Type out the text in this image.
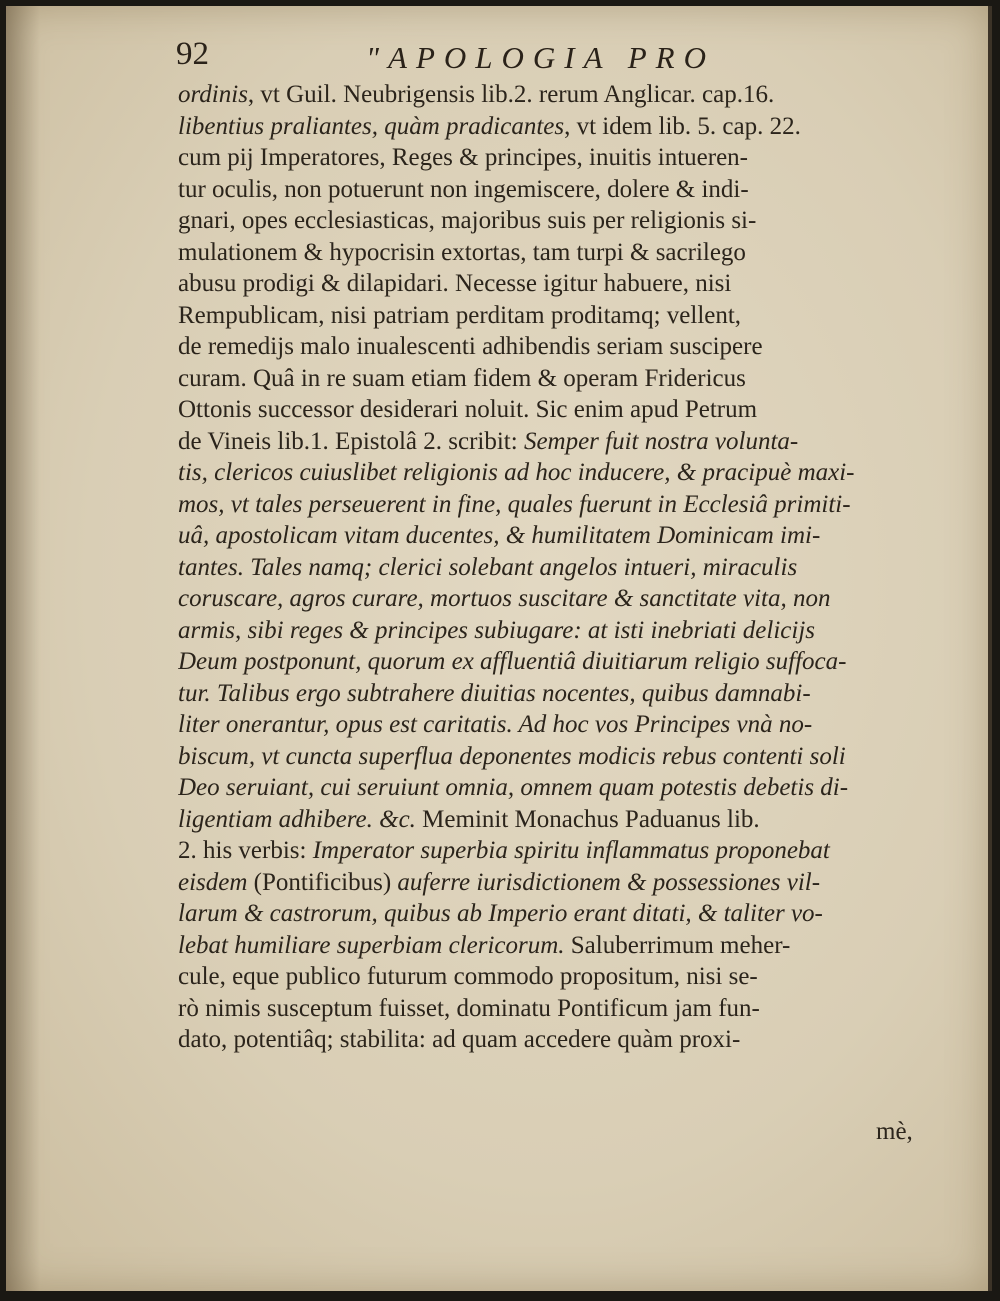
92	"APOLOGIA PRO
ordinis, vt Guil. Neubrigensis lib.2. rerum Anglicar. cap.16.
libentius praliantes, quàm pradicantes, vt idem lib. 5. cap. 22.
cum pij Imperatores, Reges & principes, inuitis intueren-
tur oculis, non potuerunt non ingemiscere, dolere & indi-
gnari, opes ecclesiasticas, majoribus suis per religionis si-
mulationem & hypocrisin extortas, tam turpi & sacrilego
abusu prodigi & dilapidari. Necesse igitur habuere, nisi
Rempublicam, nisi patriam perditam proditamq; vellent,
de remedijs malo inualescenti adhibendis seriam suscipere
curam. Quâ in re suam etiam fidem & operam Fridericus
Ottonis successor desiderari noluit. Sic enim apud Petrum
de Vineis lib.1. Epistolâ 2. scribit: Semper fuit nostra volunta-
tis, clericos cuiuslibet religionis ad hoc inducere, & pracipuè maxi-
mos, vt tales perseuerent in fine, quales fuerunt in Ecclesiâ primiti-
uâ, apostolicam vitam ducentes, & humilitatem Dominicam imi-
tantes. Tales namq; clerici solebant angelos intueri, miraculis
coruscare, agros curare, mortuos suscitare & sanctitate vita, non
armis, sibi reges & principes subiugare: at isti inebriati delicijs
Deum postponunt, quorum ex affluentiâ diuitiarum religio suffoca-
tur. Talibus ergo subtrahere diuitias nocentes, quibus damnabi-
liter onerantur, opus est caritatis. Ad hoc vos Principes vnà no-
biscum, vt cuncta superflua deponentes modicis rebus contenti soli
Deo seruiant, cui seruiunt omnia, omnem quam potestis debetis di-
ligentiam adhibere. &c. Meminit Monachus Paduanus lib.
2. his verbis: Imperator superbia spiritu inflammatus proponebat
eisdem (Pontificibus) auferre iurisdictionem & possessiones vil-
larum & castrorum, quibus ab Imperio erant ditati, & taliter vo-
lebat humiliare superbiam clericorum. Saluberrimum meher-
cule, eque publico futurum commodo propositum, nisi se-
rò nimis susceptum fuisset, dominatu Pontificum jam fun-
dato, potentiâq; stabilita: ad quam accedere quàm proxi-
mè,
